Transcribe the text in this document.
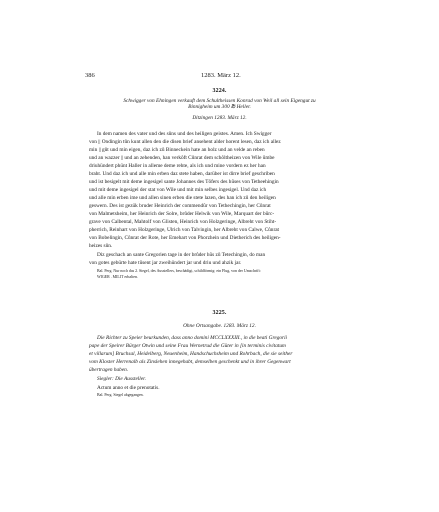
386	1283. März 12.
3224.
Schwigger von Ehningen verkauft dem Schultheissen Konrad von Weil all sein Eigengut zu
Binnigheim um 300 ℔ Heller.
Ditzingen 1283. März 12.
In dem namen des vater und des sůns und des heiligen geistes. Amen. Ich Swigger
von || Ondingin tůn kunt allen den die disen brief ansehent alder horent lesen, daz ich allez
min || gůt und min eigen, daz ich zů Binneckein hate an holz und an velde an reben
und an wazzer || und an zehenden, han verkôft Cůnrat dem schôltheizen von Wile ûmbe
driuhündert phünt Haller in alleme deme rehte, als ich und mine vordern ez her han
braht. Und daz ich und alle min erben daz stete haben, darüber ist dirre brief geschriben
und ist besigelt mit deme ingesigel sante Johannes des Tôfers des hûses von Tetheehingin
und mit deme ingesigel der stat von Wile und mit min selbes ingesigel. Und daz ich
und alle min erben ime und allen sinen erben die stete lazen, des han ich zů den heiligen
geswern. Des ist gezük bruder Heinrich der commendûr von Tethechingin, her Cůnrat
von Malmetsheim, her Heinrich der Solre, brůder Helwik von Wile, Marquart der bûrc-
grave von Calbental, Mahtolf von Glisten, Heinrich von Holzgeringe, Albreht von Stiht-
pherrich, Reinhart von Holzgeringe, Ulrich von Talvingin, her Albreht von Calwe, Cůnrat
von Bobelingin, Cůnrat der Rote, her Emehart von Phorzhein und Dietherich des heiligen-
heizes sůn.
Diz geschach an sante Gregorien tage in der brůder hûs zů Tetechingin, do man
von gotes gebürte hate tûsent jar zweihündert jar und driu und ahzik jar.
Bal. Perg. Nur noch das 2. Siegel, des Ausstellers, beschädigt, schildförmig: ein Flug, von der Umschrift:
WIGER . MILIT erhalten.
3225.
Ohne Ortsangabe. 1283. März 12.
Die Richter zu Speier beurkunden, dass anno domini MCCLXXXIII., in die beati Gregorii
pape der Speirer Bürger Otwin und seine Frau Wernetrud die Güter in [in terminis civitatum
et villarum] Bruchsal, Heidelberg, Neuenheim, Handschuchsheim und Rohrbach, die sie seither
vom Kloster Herrenalb als Zinslehen innegehabt, demselben geschenkt und in ihrer Gegenwart
übertragen haben.
Siegler: Die Aussteller.
Actum anno et die prenotatis.
Bal. Perg. Siegel abgegangen.
